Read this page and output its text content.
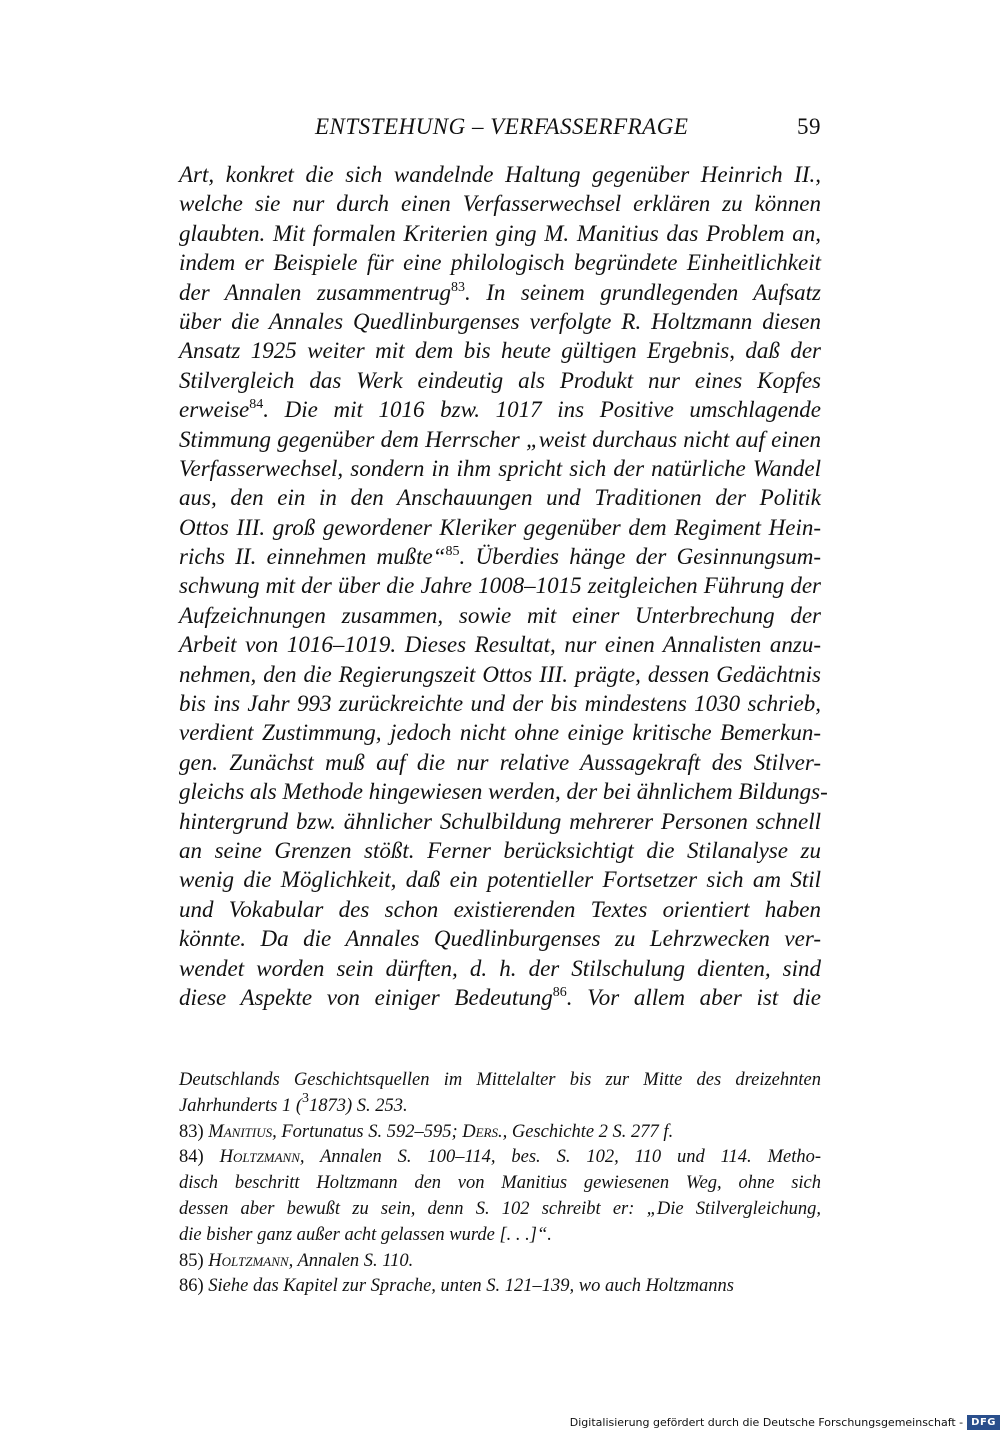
ENTSTEHUNG – VERFASSERFRAGE	59
Art, konkret die sich wandelnde Haltung gegenüber Heinrich II.,
welche sie nur durch einen Verfasserwechsel erklären zu können
glaubten. Mit formalen Kriterien ging M. Manitius das Problem an,
indem er Beispiele für eine philologisch begründete Einheitlichkeit
der Annalen zusammentrug$^{83}$. In seinem grundlegenden Aufsatz
über die Annales Quedlinburgenses verfolgte R. Holtzmann diesen
Ansatz 1925 weiter mit dem bis heute gültigen Ergebnis, daß der
Stilvergleich das Werk eindeutig als Produkt nur eines Kopfes
erweise$^{84}$. Die mit 1016 bzw. 1017 ins Positive umschlagende
Stimmung gegenüber dem Herrscher „weist durchaus nicht auf einen
Verfasserwechsel, sondern in ihm spricht sich der natürliche Wandel
aus, den ein in den Anschauungen und Traditionen der Politik
Ottos III. groß gewordener Kleriker gegenüber dem Regiment Hein-
richs II. einnehmen mußte“$^{85}$. Überdies hänge der Gesinnungsum-
schwung mit der über die Jahre 1008–1015 zeitgleichen Führung der
Aufzeichnungen zusammen, sowie mit einer Unterbrechung der
Arbeit von 1016–1019. Dieses Resultat, nur einen Annalisten anzu-
nehmen, den die Regierungszeit Ottos III. prägte, dessen Gedächtnis
bis ins Jahr 993 zurückreichte und der bis mindestens 1030 schrieb,
verdient Zustimmung, jedoch nicht ohne einige kritische Bemerkun-
gen. Zunächst muß auf die nur relative Aussagekraft des Stilver-
gleichs als Methode hingewiesen werden, der bei ähnlichem Bildungs-
hintergrund bzw. ähnlicher Schulbildung mehrerer Personen schnell
an seine Grenzen stößt. Ferner berücksichtigt die Stilanalyse zu
wenig die Möglichkeit, daß ein potentieller Fortsetzer sich am Stil
und Vokabular des schon existierenden Textes orientiert haben
könnte. Da die Annales Quedlinburgenses zu Lehrzwecken ver-
wendet worden sein dürften, d. h. der Stilschulung dienten, sind
diese Aspekte von einiger Bedeutung$^{86}$. Vor allem aber ist die
Deutschlands Geschichtsquellen im Mittelalter bis zur Mitte des dreizehnten
Jahrhunderts 1 ($^3$1873) S. 253.
83) Manitius, Fortunatus S. 592–595; Ders., Geschichte 2 S. 277 f.
84) Holtzmann, Annalen S. 100–114, bes. S. 102, 110 und 114. Metho-
disch beschritt Holtzmann den von Manitius gewiesenen Weg, ohne sich
dessen aber bewußt zu sein, denn S. 102 schreibt er: „Die Stilvergleichung,
die bisher ganz außer acht gelassen wurde [. . .]“.
85) Holtzmann, Annalen S. 110.
86) Siehe das Kapitel zur Sprache, unten S. 121–139, wo auch Holtzmanns
Digitalisierung gefördert durch die Deutsche Forschungsgemeinschaft - DFG
